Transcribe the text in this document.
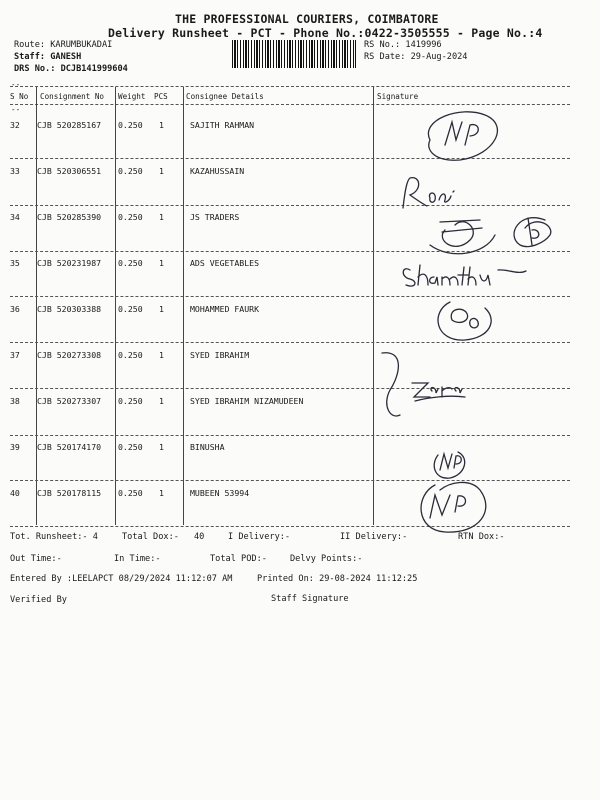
THE PROFESSIONAL COURIERS, COIMBATORE
Delivery Runsheet - PCT - Phone No.:0422-3505555 - Page No.:4
Route: KARUMBUKADAI
Staff: GANESH
DRS No.: DCJB141999604
RS No.: 1419996
RS Date: 29-Aug-2024
--
S No Consignment No Weight PCS Consignee Details	Signature
--
32 CJB 520285167 0.250 1	SAJITH RAHMAN
33 CJB 520306551 0.250 1	KAZAHUSSAIN
34 CJB 520285390 0.250 1	JS TRADERS
35 CJB 520231987 0.250 1	ADS VEGETABLES
36 CJB 520303388 0.250 1	MOHAMMED FAURK
37 CJB 520273308 0.250 1	SYED IBRAHIM
38 CJB 520273307 0.250 1	SYED IBRAHIM NIZAMUDEEN
39 CJB 520174170 0.250 1	BINUSHA
40 CJB 520178115 0.250 1	MUBEEN 53994
Tot. Runsheet:- 4	Total Dox:- 40	I Delivery:-	II Delivery:-	RTN Dox:-
Out Time:-	In Time:-	Total POD:-	Delvy Points:-
Entered By :LEELAPCT 08/29/2024 11:12:07 AM	Printed On: 29-08-2024 11:12:25
Verified By	Staff Signature
